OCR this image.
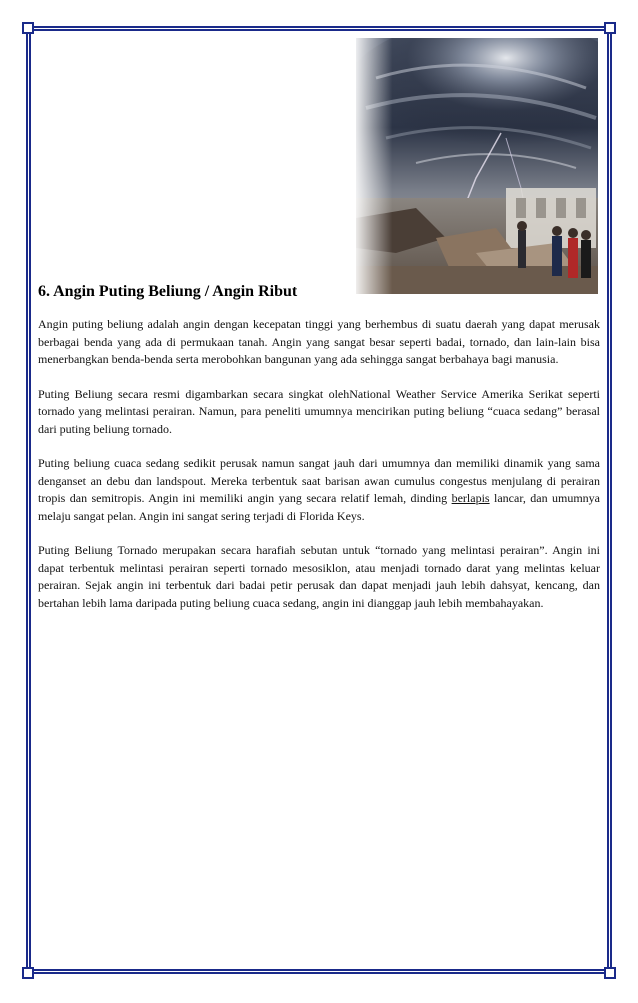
6. Angin Puting Beliung / Angin Ribut

Angin puting beliung adalah angin dengan kecepatan tinggi yang berhembus di suatu daerah yang dapat merusak berbagai benda yang ada di permukaan tanah. Angin yang sangat besar seperti badai, tornado, dan lain-lain bisa menerbangkan benda-benda serta merobohkan bangunan yang ada sehingga sangat berbahaya bagi manusia.

Puting Beliung secara resmi digambarkan secara singkat olehNational Weather Service Amerika Serikat seperti tornado yang melintasi perairan. Namun, para peneliti umumnya mencirikan puting beliung “cuaca sedang” berasal dari puting beliung tornado.

Puting beliung cuaca sedang sedikit perusak namun sangat jauh dari umumnya dan memiliki dinamik yang sama denganset an debu dan landspout. Mereka terbentuk saat barisan awan cumulus congestus menjulang di perairan tropis dan semitropis. Angin ini memiliki angin yang secara relatif lemah, dinding berlapis lancar, dan umumnya melaju sangat pelan. Angin ini sangat sering terjadi di Florida Keys.

Puting Beliung Tornado merupakan secara harafiah sebutan untuk “tornado yang melintasi perairan”. Angin ini dapat terbentuk melintasi perairan seperti tornado mesosiklon, atau menjadi tornado darat yang melintas keluar perairan. Sejak angin ini terbentuk dari badai petir perusak dan dapat menjadi jauh lebih dahsyat, kencang, dan bertahan lebih lama daripada puting beliung cuaca sedang, angin ini dianggap jauh lebih membahayakan.
